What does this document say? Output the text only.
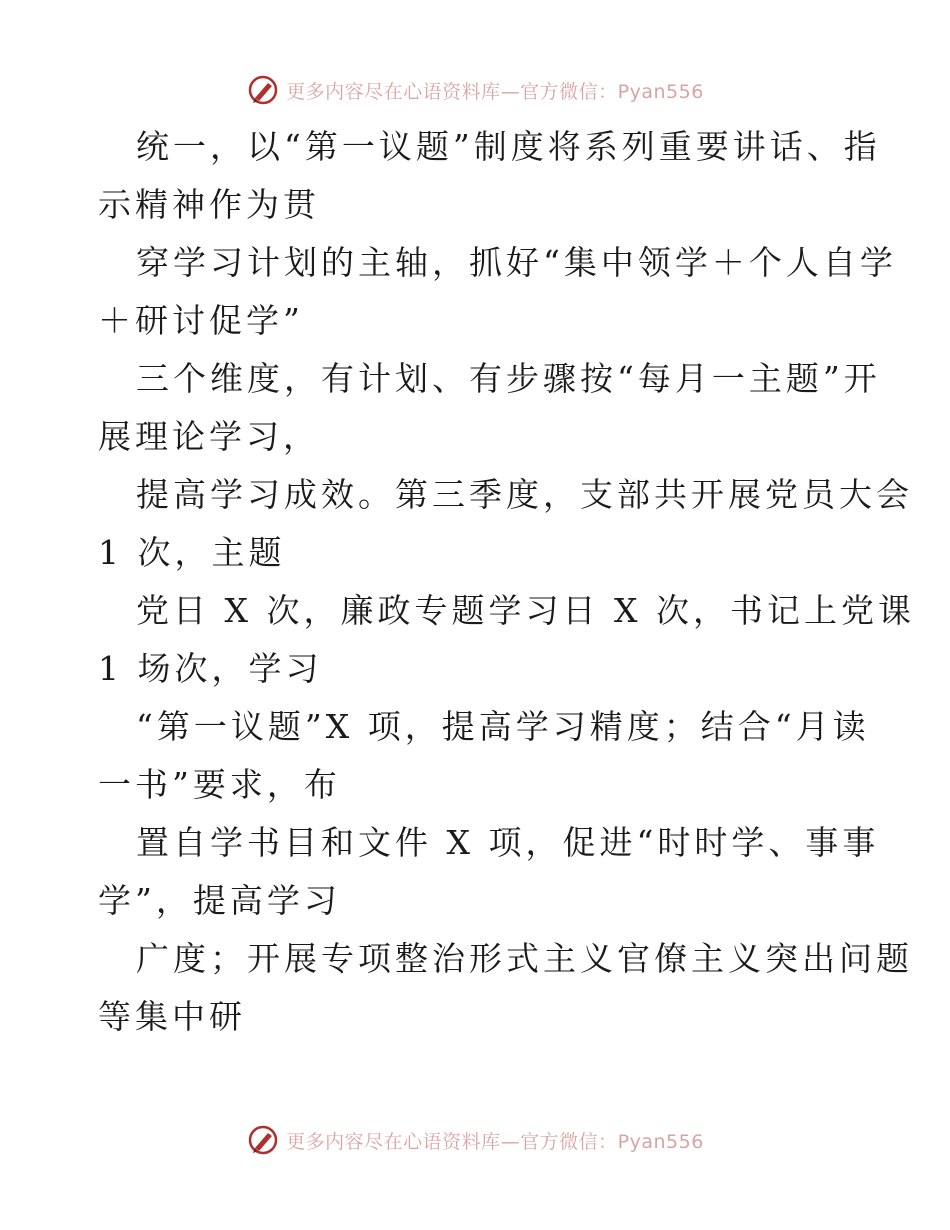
更多内容尽在心语资料库—官方微信：Pyan556

统一，以“第一议题”制度将系列重要讲话、指

示精神作为贯

穿学习计划的主轴，抓好“集中领学＋个人自学

＋研讨促学”

三个维度，有计划、有步骤按“每月一主题”开

展理论学习，

提高学习成效。第三季度，支部共开展党员大会

1 次，主题

党日 X 次，廉政专题学习日 X 次，书记上党课

1 场次，学习

“第一议题”X 项，提高学习精度；结合“月读

一书”要求，布

置自学书目和文件 X 项，促进“时时学、事事

学”，提高学习

广度；开展专项整治形式主义官僚主义突出问题

等集中研

更多内容尽在心语资料库—官方微信：Pyan556
